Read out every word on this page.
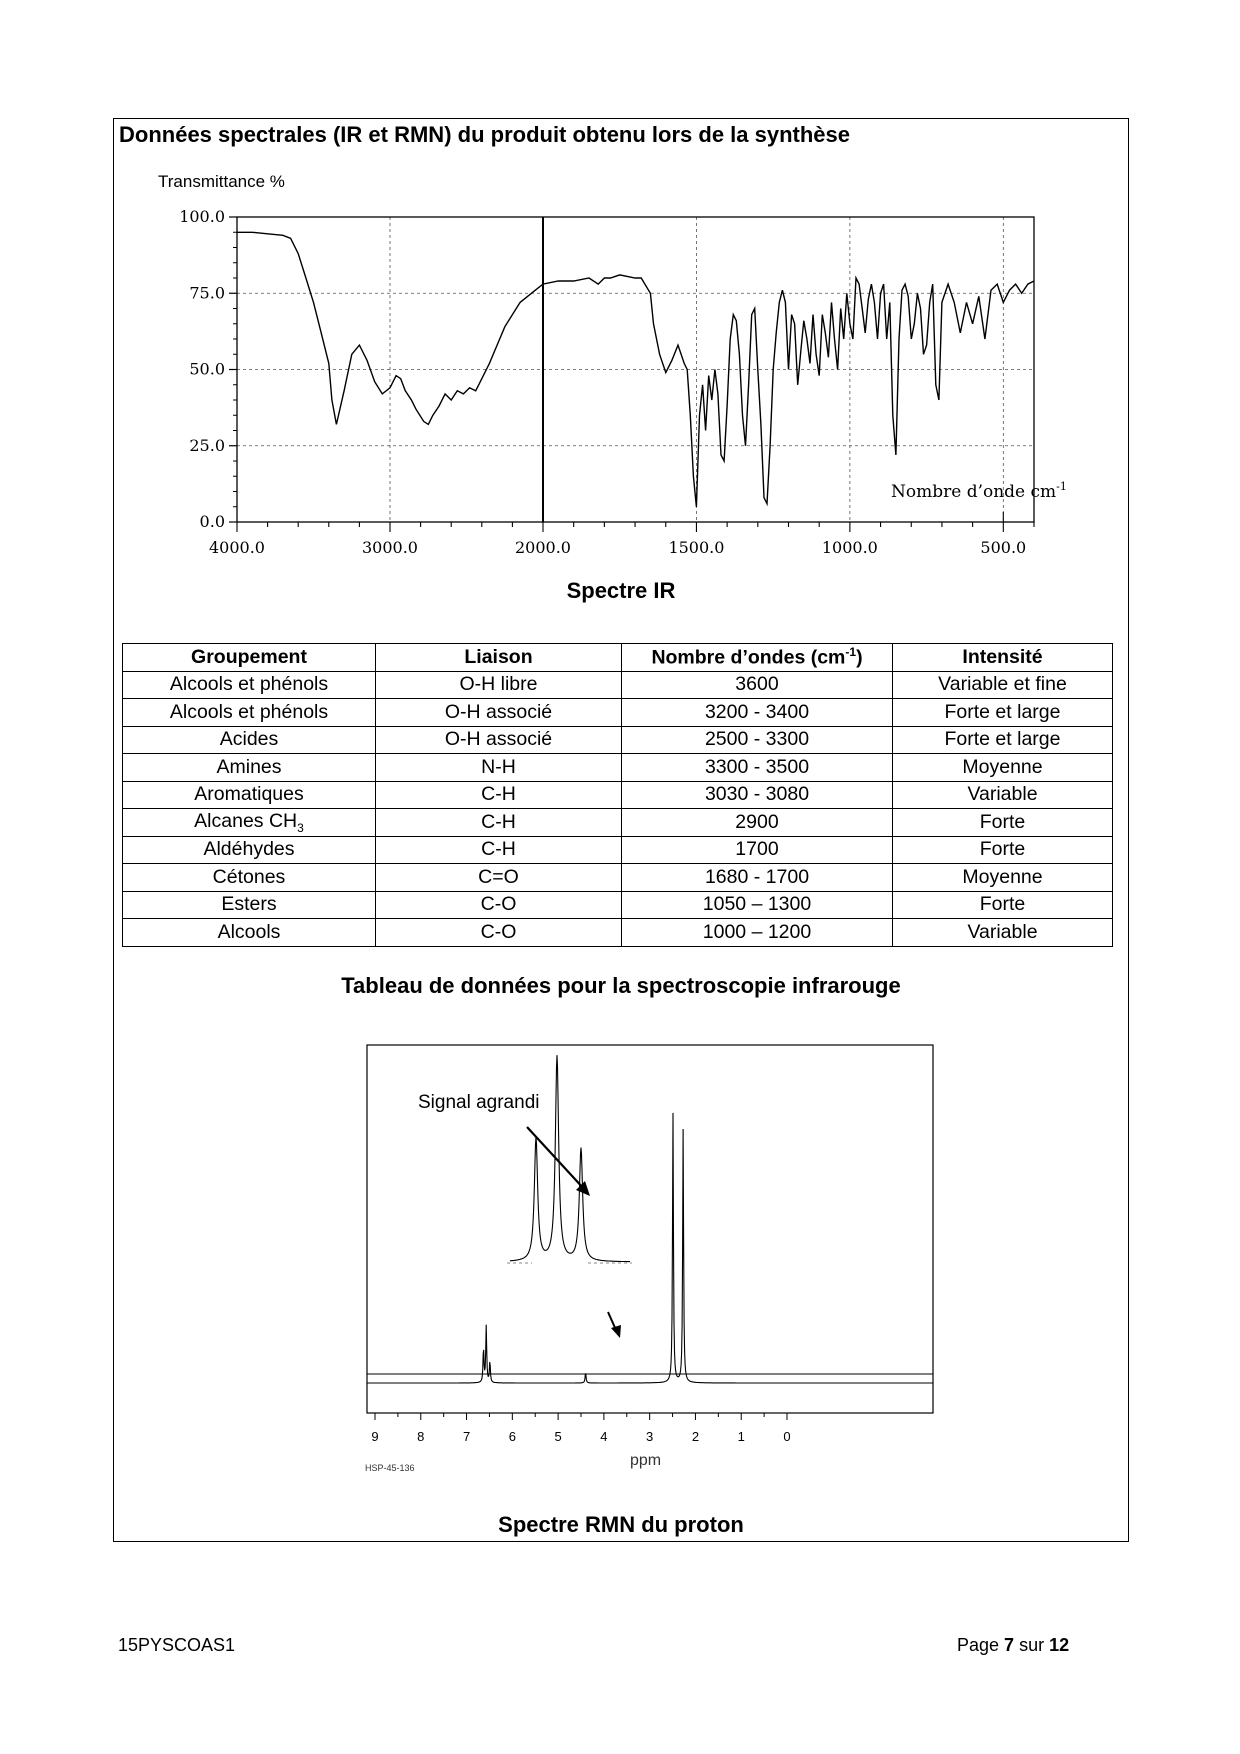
Données spectrales (IR et RMN) du produit obtenu lors de la synthèse
4000.0	3000.0	2000.0	1500.0	1000.0	500.0
0.0
25.0
50.0
75.0
100.0
Transmittance %
Nombre d’onde $cm^{-1}$
Spectre IR
Groupement	Liaison	Nombre d’ondes $(cm^{-1})$	Intensité
Alcools et phénols	O-H libre	3600	Variable et fine
Alcools et phénols	O-H associé	3200 - 3400	Forte et large
Acides	O-H associé	2500 - 3300	Forte et large
Amines	N-H	3300 - 3500	Moyenne
Aromatiques	C-H	3030 - 3080	Variable
Alcanes $CH_3$	C-H	2900	Forte
Aldéhydes	C-H	1700	Forte
Cétones	C=O	1680 - 1700	Moyenne
Esters	C-O	1050 – 1300	Forte
Alcools	C-O	1000 – 1200	Variable
Tableau de données pour la spectroscopie infrarouge
9	8	7	6	5	4	3	2	1	0
Signal agrandi
ppm
HSP-45-136
Spectre RMN du proton
15PYSCOAS1	Page 7 sur 12
